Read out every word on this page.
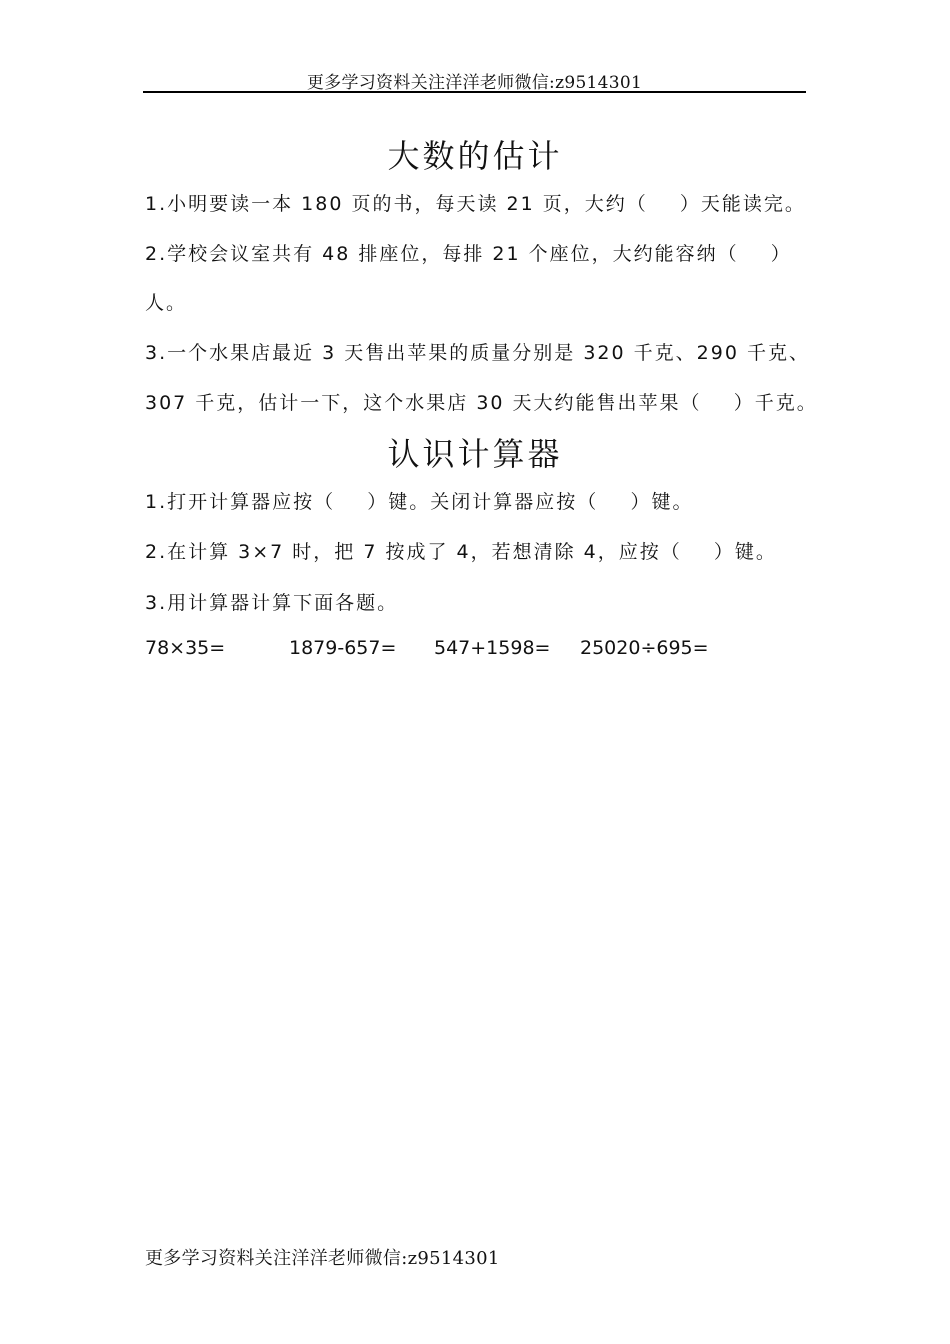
更多学习资料关注洋洋老师微信:z9514301
大数的估计
1.小明要读一本 180 页的书，每天读 21 页，大约（    ）天能读完。
2.学校会议室共有 48 排座位，每排 21 个座位，大约能容纳（    ）
人。
3.一个水果店最近 3 天售出苹果的质量分别是 320 千克、290 千克、
307 千克，估计一下，这个水果店 30 天大约能售出苹果（    ）千克。
认识计算器
1.打开计算器应按（    ）键。关闭计算器应按（    ）键。
2.在计算 3×7 时，把 7 按成了 4，若想清除 4，应按（    ）键。
3.用计算器计算下面各题。
78×35=	1879-657= 547+1598= 25020÷695=
更多学习资料关注洋洋老师微信:z9514301
